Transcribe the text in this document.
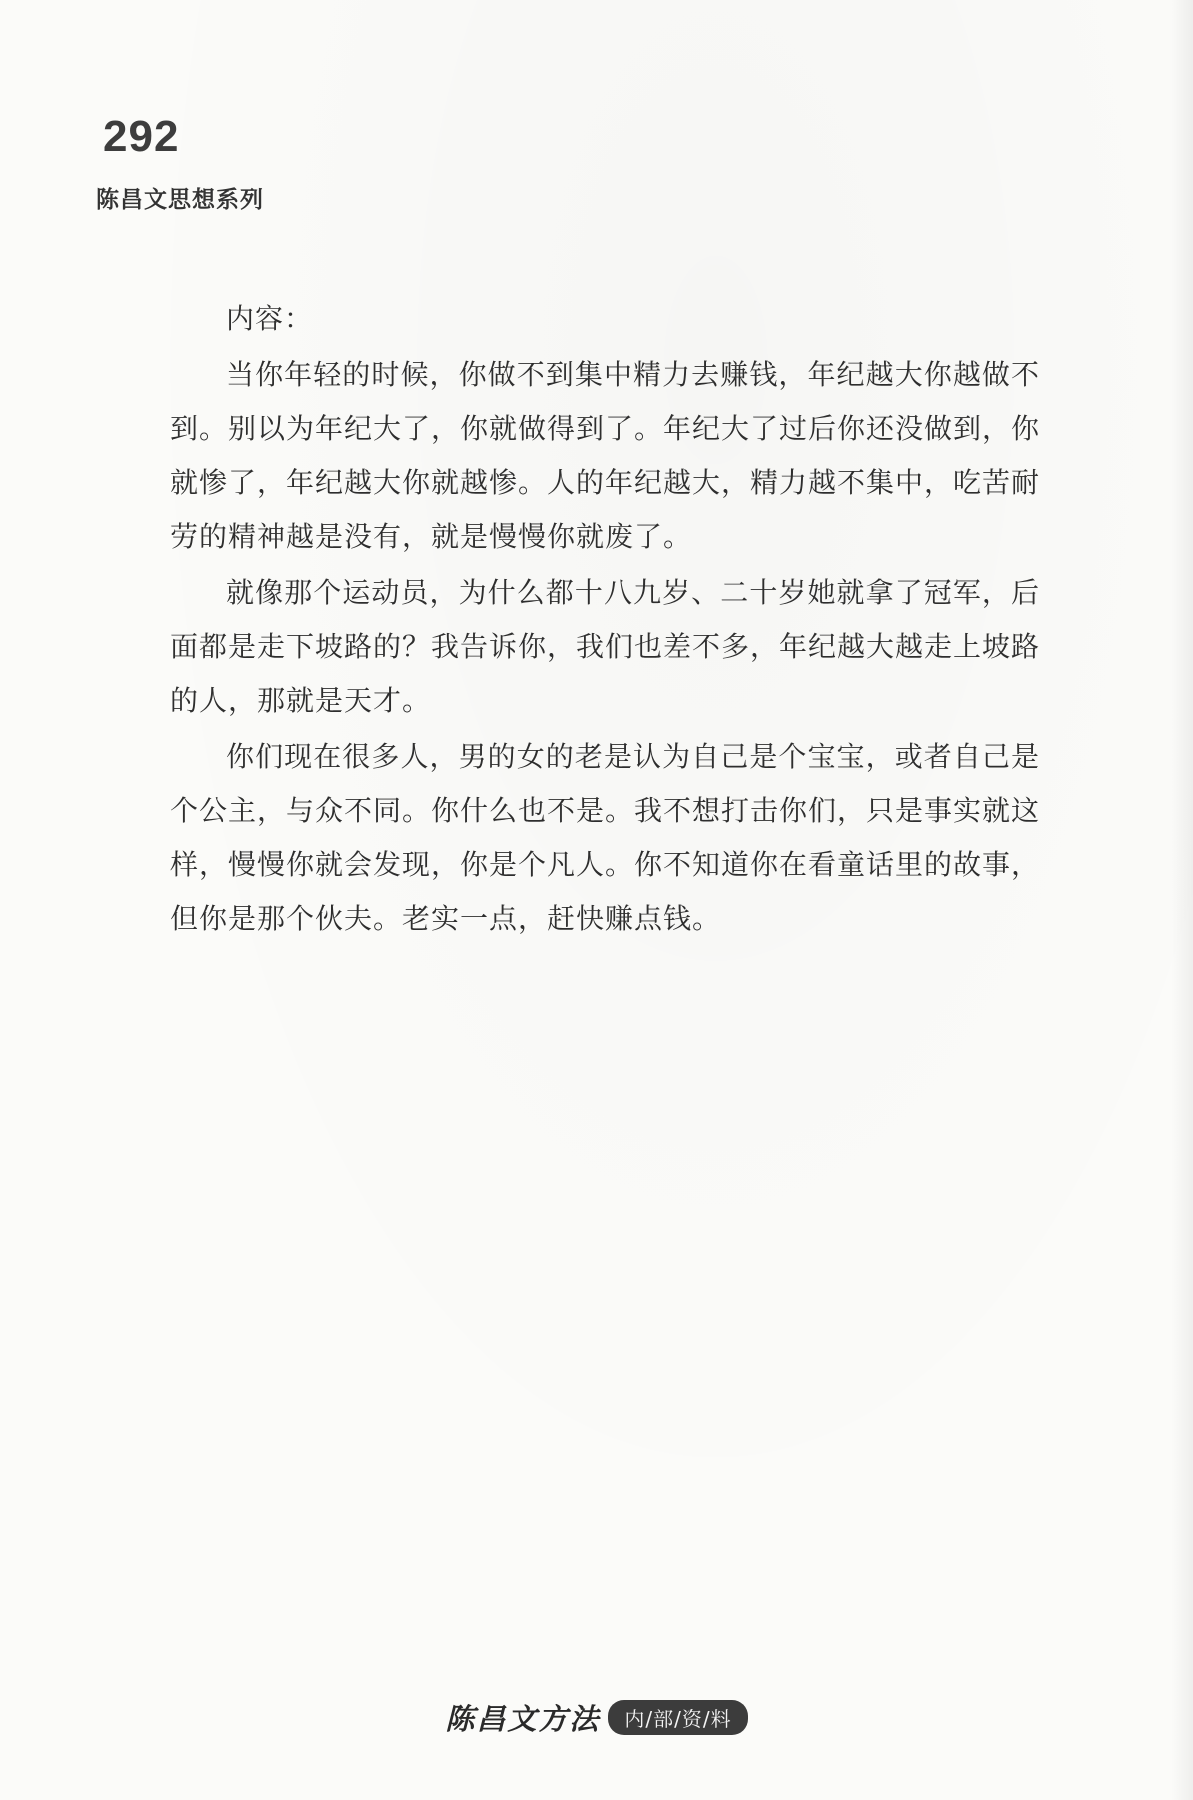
292
陈昌文思想系列

内容：

当你年轻的时候，你做不到集中精力去赚钱，年纪越大你越做不到。别以为年纪大了，你就做得到了。年纪大了过后你还没做到，你就惨了，年纪越大你就越惨。人的年纪越大，精力越不集中，吃苦耐劳的精神越是没有，就是慢慢你就废了。

就像那个运动员，为什么都十八九岁、二十岁她就拿了冠军，后面都是走下坡路的？我告诉你，我们也差不多，年纪越大越走上坡路的人，那就是天才。

你们现在很多人，男的女的老是认为自己是个宝宝，或者自己是个公主，与众不同。你什么也不是。我不想打击你们，只是事实就这样，慢慢你就会发现，你是个凡人。你不知道你在看童话里的故事，但你是那个伙夫。老实一点，赶快赚点钱。

陈昌文方法	内/部/资/料
